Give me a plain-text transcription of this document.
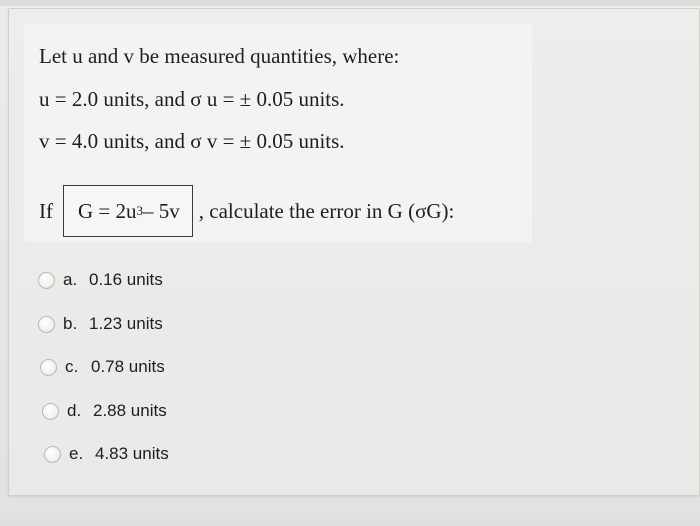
Let u and v be measured quantities, where:
u = 2.0 units, and σ u = ± 0.05 units.
v = 4.0 units, and σ v = ± 0.05 units.
If G = 2u 3 – 5v , calculate the error in G (σG):
a. 0.16 units
b. 1.23 units
c. 0.78 units
d. 2.88 units
e. 4.83 units
